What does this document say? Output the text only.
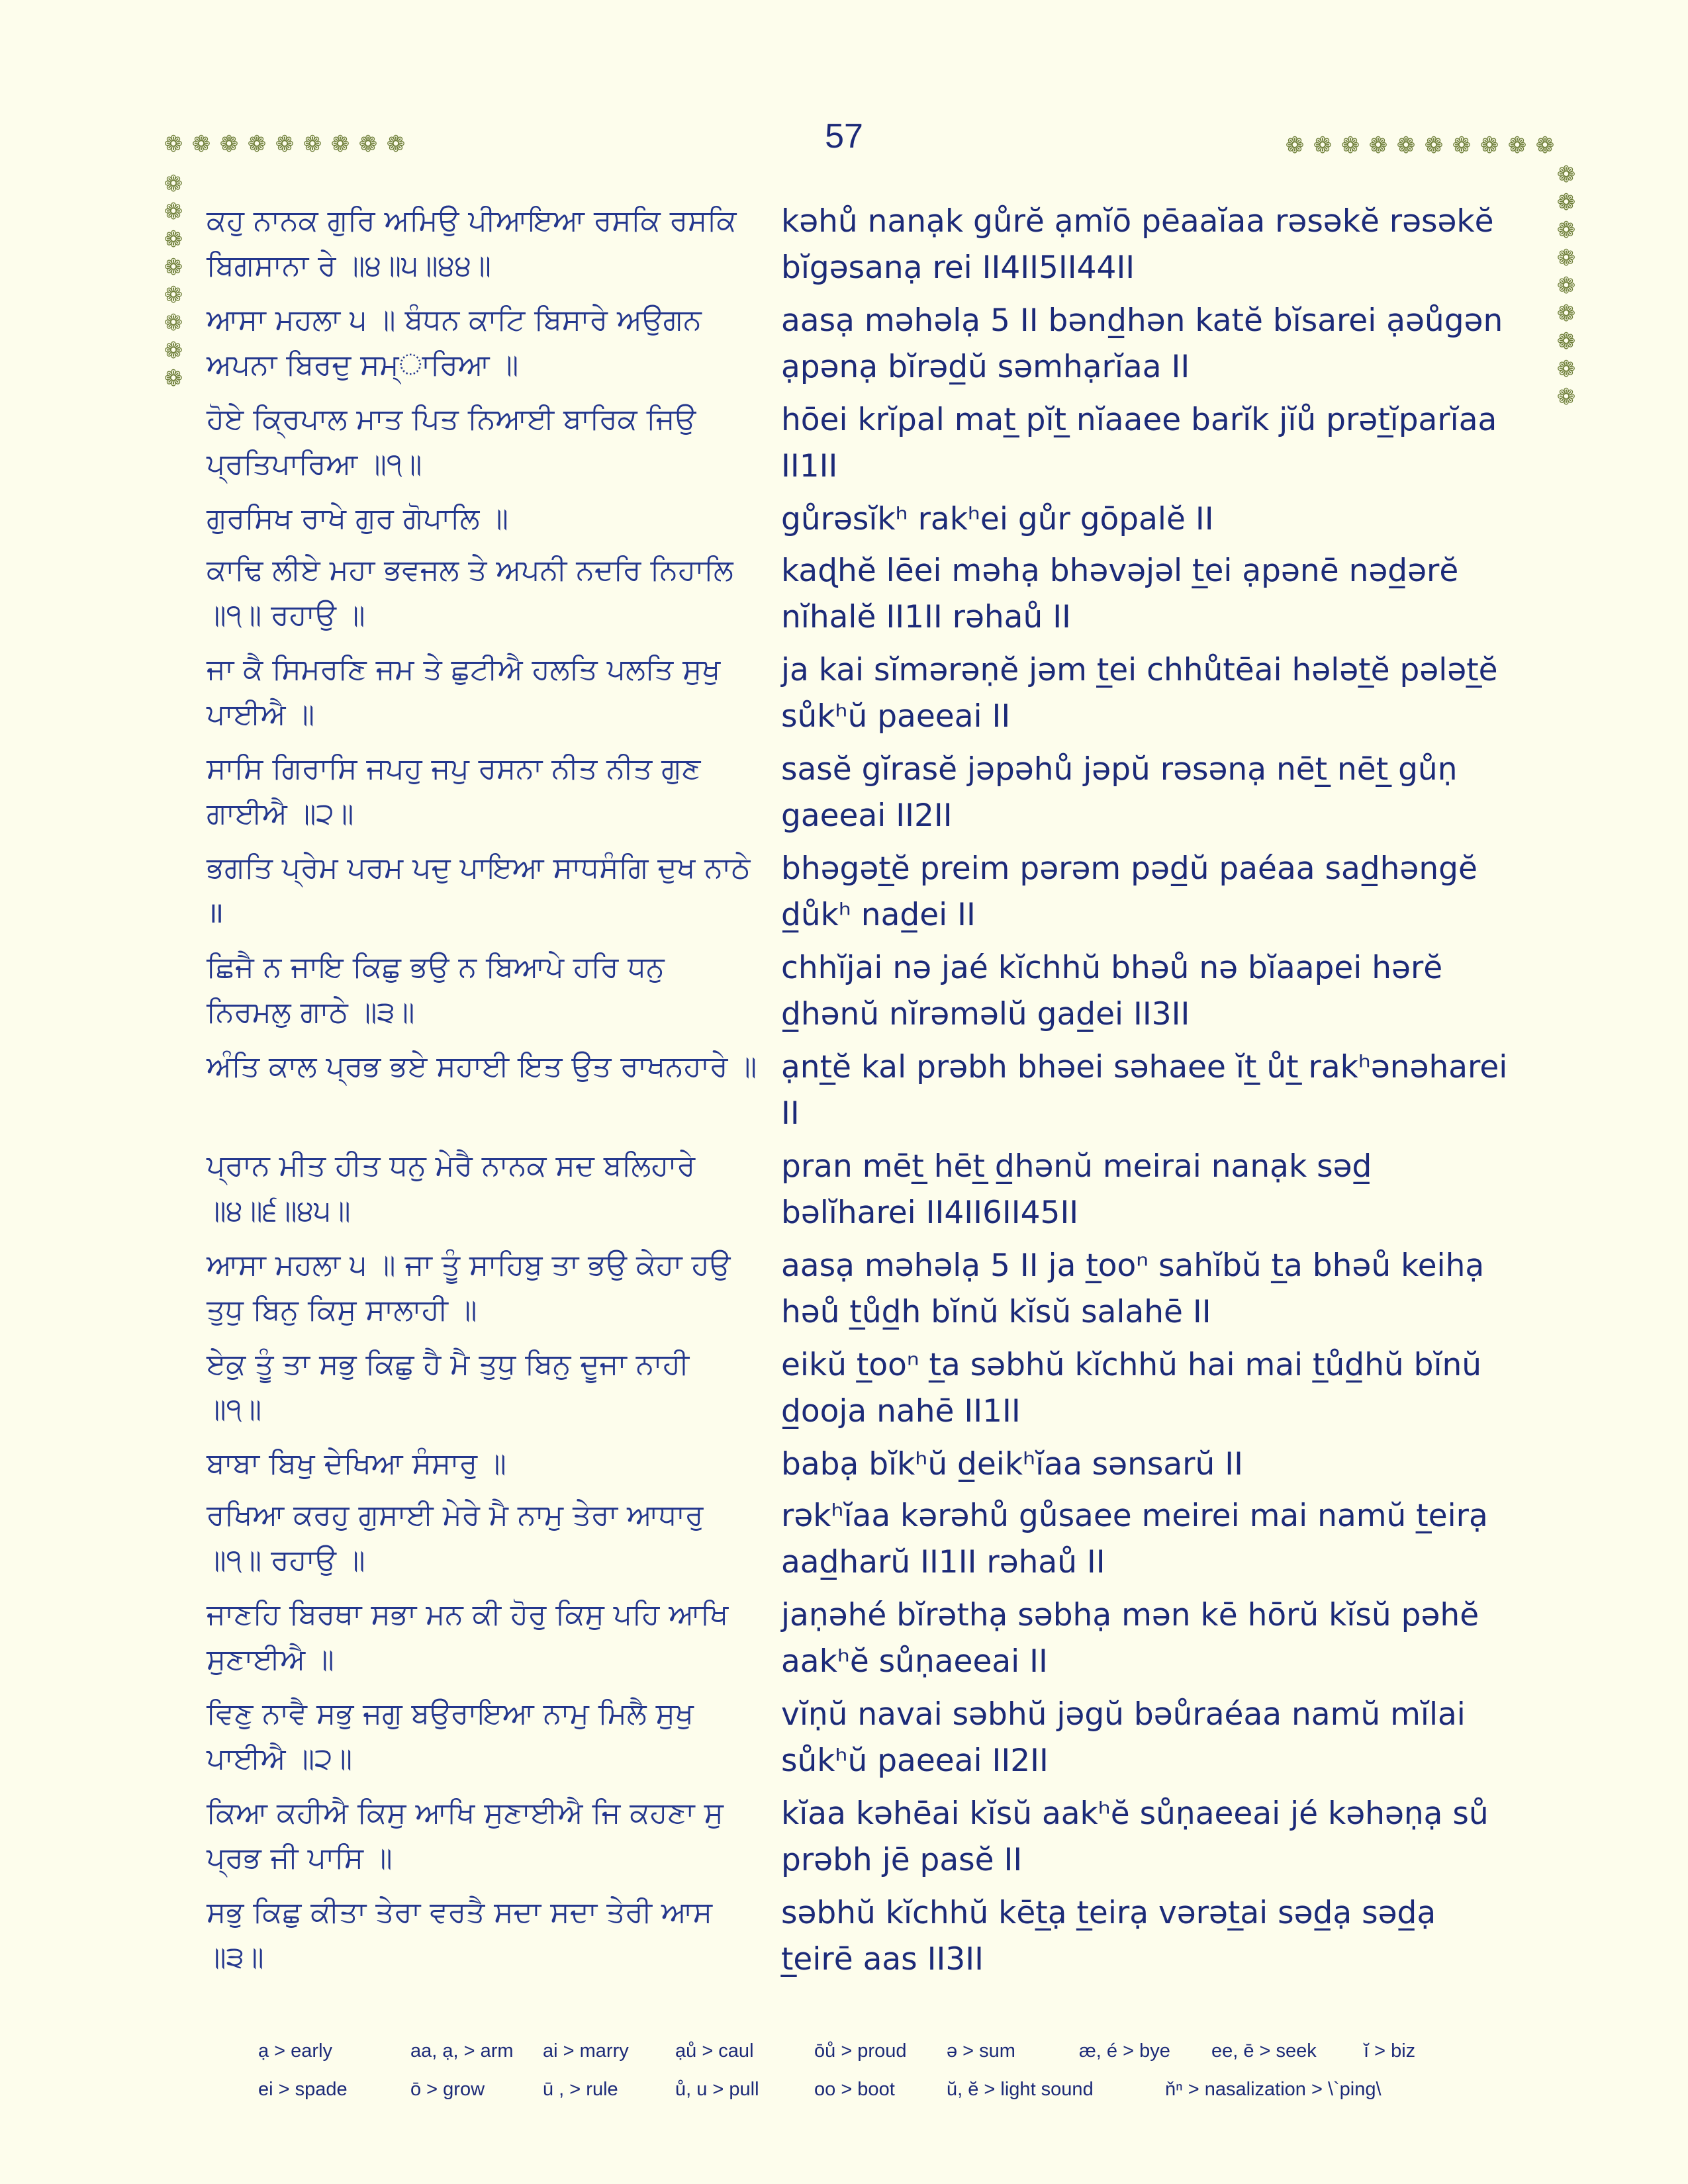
57
❁ ❁ ❁ ❁ ❁ ❁ ❁ ❁ ❁	❁ ❁ ❁ ❁ ❁ ❁ ❁ ❁ ❁ ❁
❁
❁
❁
❁
❁
❁
❁
❁
❁
❁
❁
❁
❁
❁
❁
❁
❁
ਕਹੁ ਨਾਨਕ ਗੁਰਿ ਅਮਿਉ ਪੀਆਇਆ ਰਸਕਿ ਰਸਕਿ
ਬਿਗਸਾਨਾ ਰੇ ॥੪॥੫॥੪੪॥
kəhů nanạk gůrĕ ạmĭō pēaaĭaa rəsəkĕ rəsəkĕ
bĭgəsanạ rei II4II5II44II
ਆਸਾ ਮਹਲਾ ੫ ॥ ਬੰਧਨ ਕਾਟਿ ਬਿਸਾਰੇ ਅਉਗਨ
ਅਪਨਾ ਬਿਰਦੁ ਸਮ੍ਾਰਿਆ ॥
aasạ məhəlạ 5 II bənd̲hən katĕ bĭsarei ạəůgən
ạpənạ bĭrəd̲ŭ səmhạrĭaa II
ਹੋਏ ਕ੍ਰਿਪਾਲ ਮਾਤ ਪਿਤ ਨਿਆਈ ਬਾਰਿਕ ਜਿਉ
ਪ੍ਰਤਿਪਾਰਿਆ ॥੧॥
hōei krĭpal mat̲ pĭt̲ nĭaaee barĭk jĭů prət̲ĭparĭaa
II1II
ਗੁਰਸਿਖ ਰਾਖੇ ਗੁਰ ਗੋਪਾਲਿ ॥	gůrəsĭkʰ rakʰei gůr gōpalĕ II
ਕਾਢਿ ਲੀਏ ਮਹਾ ਭਵਜਲ ਤੇ ਅਪਨੀ ਨਦਰਿ ਨਿਹਾਲਿ
॥੧॥ ਰਹਾਉ ॥
kaɖhĕ lēei məhạ bhəvəjəl t̲ei ạpənē nəd̲ərĕ
nĭhalĕ II1II rəhaů II
ਜਾ ਕੈ ਸਿਮਰਣਿ ਜਮ ਤੇ ਛੁਟੀਐ ਹਲਤਿ ਪਲਤਿ ਸੁਖੁ
ਪਾਈਐ ॥
ja kai sĭmərəṇĕ jəm t̲ei chhůtēai hələt̲ĕ pələt̲ĕ
sůkʰŭ paeeai II
ਸਾਸਿ ਗਿਰਾਸਿ ਜਪਹੁ ਜਪੁ ਰਸਨਾ ਨੀਤ ਨੀਤ ਗੁਣ
ਗਾਈਐ ॥੨॥
sasĕ gĭrasĕ jəpəhů jəpŭ rəsənạ nēt̲ nēt̲ gůṇ
gaeeai II2II
ਭਗਤਿ ਪ੍ਰੇਮ ਪਰਮ ਪਦੁ ਪਾਇਆ ਸਾਧਸੰਗਿ ਦੁਖ ਨਾਠੇ
॥
bhəgət̲ĕ preim pərəm pəd̲ŭ paéaa sad̲həngĕ
d̲ůkʰ nad̲ei II
ਛਿਜੈ ਨ ਜਾਇ ਕਿਛੁ ਭਉ ਨ ਬਿਆਪੇ ਹਰਿ ਧਨੁ
ਨਿਰਮਲੁ ਗਾਠੇ ॥੩॥
chhĭjai nə jaé kĭchhŭ bhəů nə bĭaapei hərĕ
d̲hənŭ nĭrəməlŭ gad̲ei II3II
ਅੰਤਿ ਕਾਲ ਪ੍ਰਭ ਭਏ ਸਹਾਈ ਇਤ ਉਤ ਰਾਖਨਹਾਰੇ ॥ ạnt̲ĕ kal prəbh bhəei səhaee ĭt̲ ůt̲ rakʰənəharei
II
ਪ੍ਰਾਨ ਮੀਤ ਹੀਤ ਧਨੁ ਮੇਰੈ ਨਾਨਕ ਸਦ ਬਲਿਹਾਰੇ
॥੪॥੬॥੪੫॥
pran mēt̲ hēt̲ d̲hənŭ meirai nanạk səd̲
bəlĭharei II4II6II45II
ਆਸਾ ਮਹਲਾ ੫ ॥ ਜਾ ਤੂੰ ਸਾਹਿਬੁ ਤਾ ਭਉ ਕੇਹਾ ਹਉ
ਤੁਧੁ ਬਿਨੁ ਕਿਸੁ ਸਾਲਾਹੀ ॥
aasạ məhəlạ 5 II ja t̲ooⁿ sahĭbŭ t̲a bhəů keihạ
həů t̲ůd̲h bĭnŭ kĭsŭ salahē II
ਏਕੁ ਤੂੰ ਤਾ ਸਭੁ ਕਿਛੁ ਹੈ ਮੈ ਤੁਧੁ ਬਿਨੁ ਦੂਜਾ ਨਾਹੀ
॥੧॥
eikŭ t̲ooⁿ t̲a səbhŭ kĭchhŭ hai mai t̲ůd̲hŭ bĭnŭ
d̲ooja nahē II1II
ਬਾਬਾ ਬਿਖੁ ਦੇਖਿਆ ਸੰਸਾਰੁ ॥	babạ bĭkʰŭ d̲eikʰĭaa sənsarŭ II
ਰਖਿਆ ਕਰਹੁ ਗੁਸਾਈ ਮੇਰੇ ਮੈ ਨਾਮੁ ਤੇਰਾ ਆਧਾਰੁ
॥੧॥ ਰਹਾਉ ॥
rəkʰĭaa kərəhů gůsaee meirei mai namŭ t̲eirạ
aad̲harŭ II1II rəhaů II
ਜਾਣਹਿ ਬਿਰਥਾ ਸਭਾ ਮਨ ਕੀ ਹੋਰੁ ਕਿਸੁ ਪਹਿ ਆਖਿ
ਸੁਣਾਈਐ ॥
jaṇəhé bĭrəthạ səbhạ mən kē hōrŭ kĭsŭ pəhĕ
aakʰĕ sůṇaeeai II
ਵਿਣੁ ਨਾਵੈ ਸਭੁ ਜਗੁ ਬਉਰਾਇਆ ਨਾਮੁ ਮਿਲੈ ਸੁਖੁ
ਪਾਈਐ ॥੨॥
vĭṇŭ navai səbhŭ jəgŭ bəůraéaa namŭ mĭlai
sůkʰŭ paeeai II2II
ਕਿਆ ਕਹੀਐ ਕਿਸੁ ਆਖਿ ਸੁਣਾਈਐ ਜਿ ਕਹਣਾ ਸੁ
ਪ੍ਰਭ ਜੀ ਪਾਸਿ ॥
kĭaa kəhēai kĭsŭ aakʰĕ sůṇaeeai jé kəhəṇạ sů
prəbh jē pasĕ II
ਸਭੁ ਕਿਛੁ ਕੀਤਾ ਤੇਰਾ ਵਰਤੈ ਸਦਾ ਸਦਾ ਤੇਰੀ ਆਸ
॥੩॥
səbhŭ kĭchhŭ kēt̲ạ t̲eirạ vərət̲ai səd̲ạ səd̲ạ
t̲eirē aas II3II
ạ > early	aa, ạ, > arm	ai > marry	ạů > caul	ōů > proud	ə > sum	æ, é > bye	ee, ē > seek	ĭ > biz
ei > spade	ō > grow	ū , > rule	ů, u > pull	oo > boot	ŭ, ĕ > light sound	ňⁿ > nasalization > \`ping\
